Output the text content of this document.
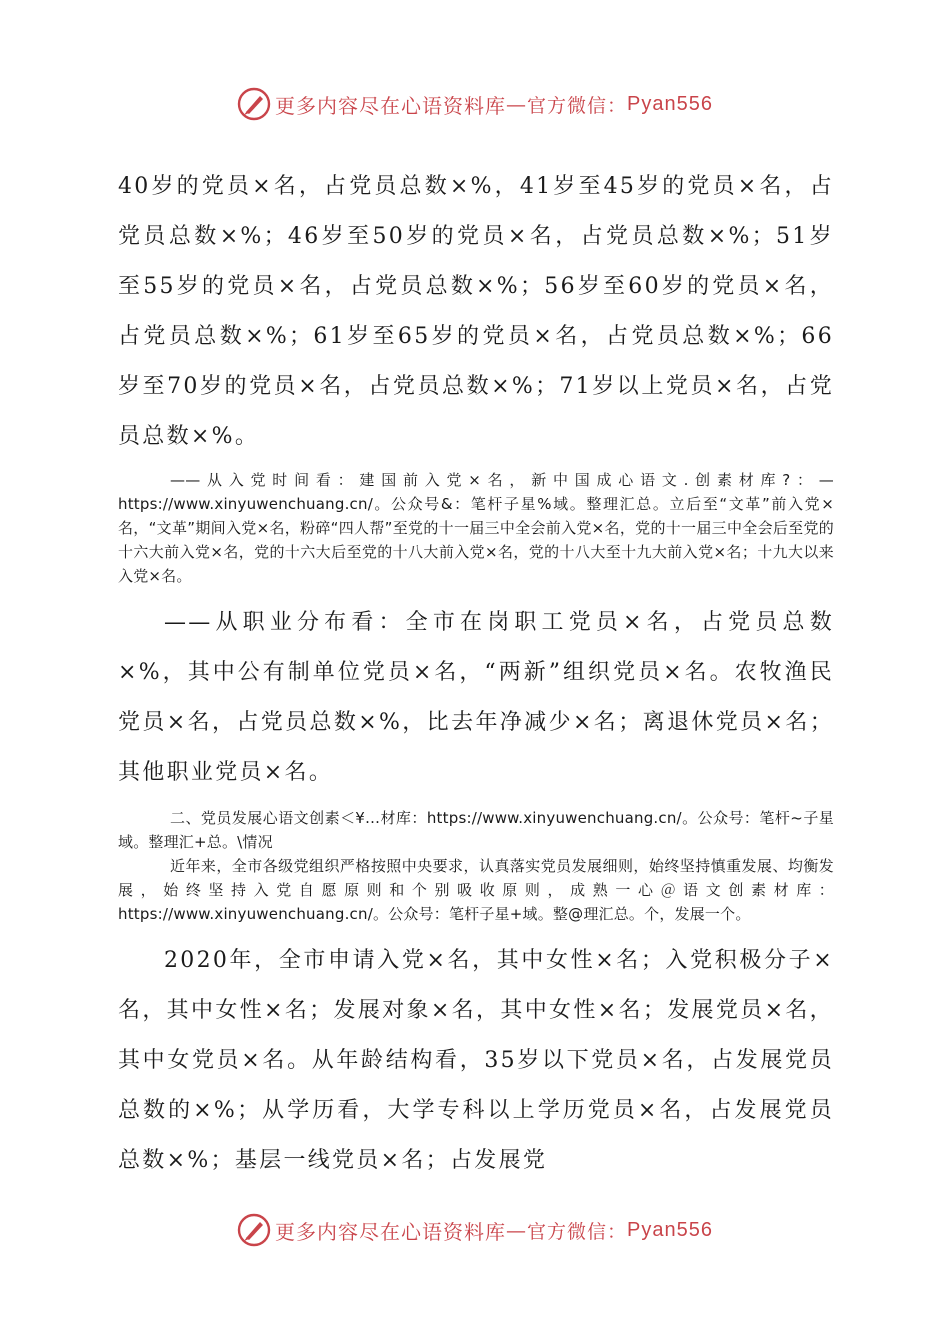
更多内容尽在心语资料库 — 官方微信： Pyan556

40岁的党员×名，占党员总数×%，41岁至45岁的党员×名，占党员总数×%；46岁至50岁的党员×名，占党员总数×%；51岁至55岁的党员×名，占党员总数×%；56岁至60岁的党员×名，占党员总数×%；61岁至65岁的党员×名，占党员总数×%；66岁至70岁的党员×名，占党员总数×%；71岁以上党员×名，占党员总数×%。

——从入党时间看：建国前入党×名，新中国成心语文.创素材库?：—https://www.xinyuwenchuang.cn/。公众号&：笔杆子星%域。整理汇总。立后至“文革”前入党×名，“文革”期间入党×名，粉碎“四人帮”至党的十一届三中全会前入党×名，党的十一届三中全会后至党的十六大前入党×名，党的十六大后至党的十八大前入党×名，党的十八大至十九大前入党×名；十九大以来入党×名。

——从职业分布看：全市在岗职工党员×名，占党员总数×%，其中公有制单位党员×名，“两新”组织党员×名。农牧渔民党员×名，占党员总数×%，比去年净减少×名；离退休党员×名；其他职业党员×名。

二、党员发展心语文创素＜¥…材库：https://www.xinyuwenchuang.cn/。公众号：笔杆~子星域。整理汇+总。\情况

近年来，全市各级党组织严格按照中央要求，认真落实党员发展细则，始终坚持慎重发展、均衡发展，始终坚持入党自愿原则和个别吸收原则，成熟一心＠语文创素材库：https://www.xinyuwenchuang.cn/。公众号：笔杆子星+域。整@理汇总。个，发展一个。

2020年，全市申请入党×名，其中女性×名；入党积极分子×名，其中女性×名；发展对象×名，其中女性×名；发展党员×名，其中女党员×名。从年龄结构看，35岁以下党员×名，占发展党员总数的×%；从学历看，大学专科以上学历党员×名，占发展党员总数×%；基层一线党员×名；占发展党

更多内容尽在心语资料库 — 官方微信： Pyan556
